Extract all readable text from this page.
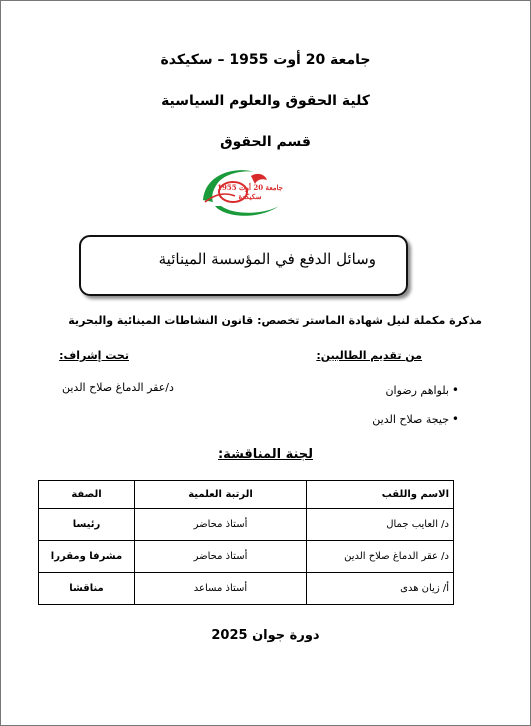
جامعة 20 أوت 1955 – سكيكدة
كلية الحقوق والعلوم السياسية
قسم الحقوق
جامعة 20 أوت 1955 سكيكدة
وسائل الدفع في المؤسسة المينائية
مذكرة مكملة لنيل شهادة الماستر تخصص: قانون النشاطات المينائية والبحرية
من تقديم الطالبين:
تحت إشراف:
•
بلواهم رضوان
•
جيجة صلاح الدين
د/عقر الدماغ صلاح الدين
لجنة المناقشة:
الاسم واللقب	الرتبة العلمية	الصفة
د/ العايب جمال	أستاذ محاضر	رئيسا
د/ عقر الدماغ صلاح الدين	أستاذ محاضر	مشرفا ومقررا
أ/ زيان هدى	أستاذ مساعد	مناقشا
دورة جوان 2025
